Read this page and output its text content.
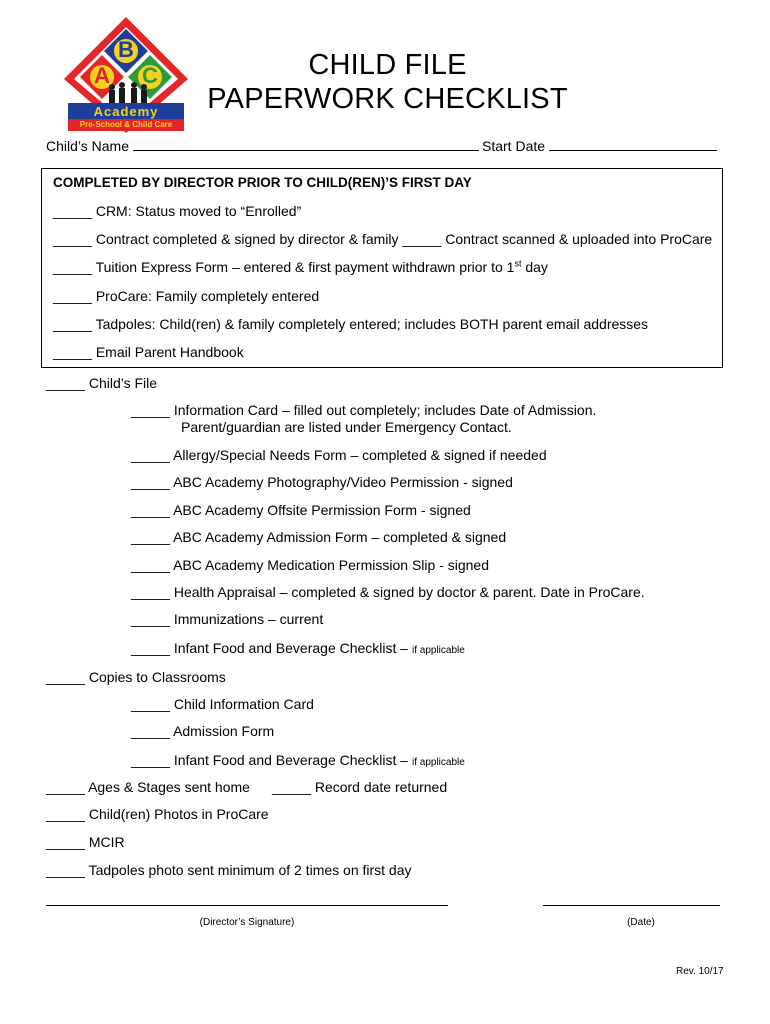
B
A C
Academy
Pre-School & Child Care
CHILD FILE
PAPERWORK CHECKLIST
Child’s Name	Start Date
COMPLETED BY DIRECTOR PRIOR TO CHILD(REN)’S FIRST DAY
_____ CRM: Status moved to “Enrolled”
_____ Contract completed & signed by director & family _____ Contract scanned & uploaded into ProCare
_____ Tuition Express Form – entered & first payment withdrawn prior to 1st day
_____ ProCare: Family completely entered
_____ Tadpoles: Child(ren) & family completely entered; includes BOTH parent email addresses
_____ Email Parent Handbook
_____ Child’s File
_____ Information Card – filled out completely; includes Date of Admission.
Parent/guardian are listed under Emergency Contact.
_____ Allergy/Special Needs Form – completed & signed if needed
_____ ABC Academy Photography/Video Permission - signed
_____ ABC Academy Offsite Permission Form - signed
_____ ABC Academy Admission Form – completed & signed
_____ ABC Academy Medication Permission Slip - signed
_____ Health Appraisal – completed & signed by doctor & parent. Date in ProCare.
_____ Immunizations – current
_____ Infant Food and Beverage Checklist – if applicable
_____ Copies to Classrooms
_____ Child Information Card
_____ Admission Form
_____ Infant Food and Beverage Checklist – if applicable
_____ Ages & Stages sent home _____ Record date returned
_____ Child(ren) Photos in ProCare
_____ MCIR
_____ Tadpoles photo sent minimum of 2 times on first day
(Director’s Signature)	(Date)
Rev. 10/17
